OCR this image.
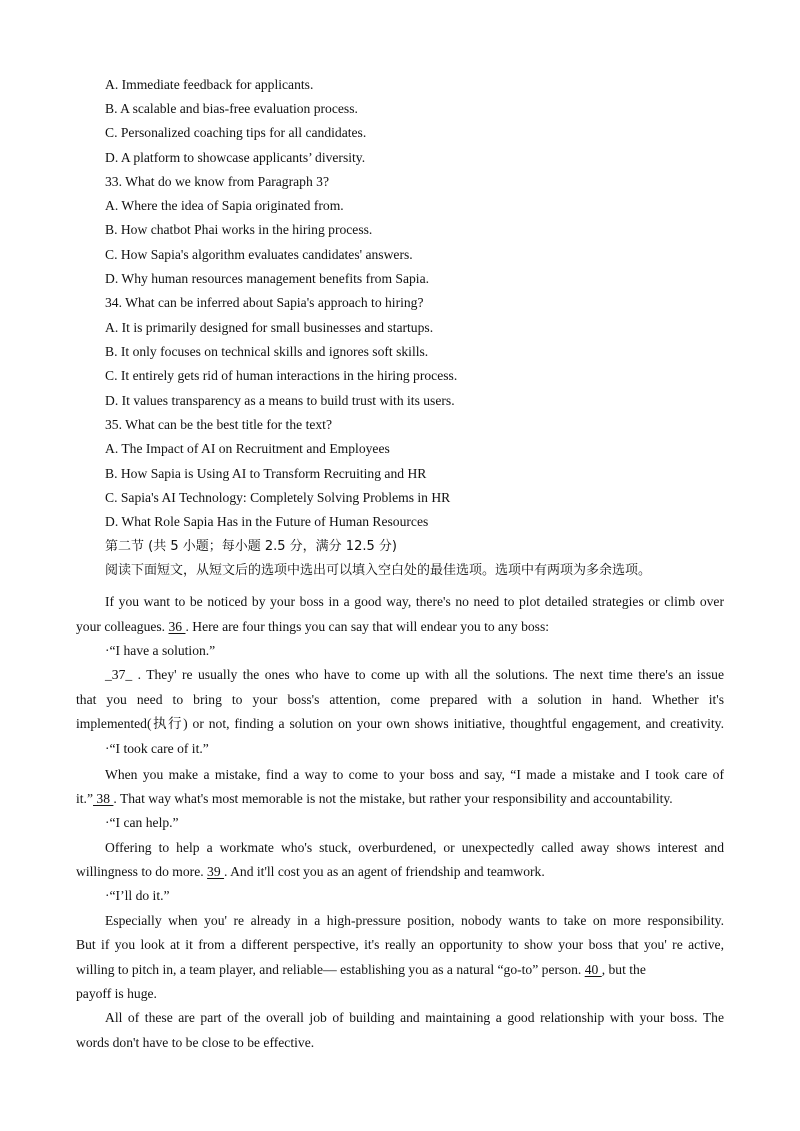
A. Immediate feedback for applicants.
B. A scalable and bias-free evaluation process.
C. Personalized coaching tips for all candidates.
D. A platform to showcase applicants’ diversity.
33. What do we know from Paragraph 3?
A. Where the idea of Sapia originated from.
B. How chatbot Phai works in the hiring process.
C. How Sapia's algorithm evaluates candidates' answers.
D. Why human resources management benefits from Sapia.
34. What can be inferred about Sapia's approach to hiring?
A. It is primarily designed for small businesses and startups.
B. It only focuses on technical skills and ignores soft skills.
C. It entirely gets rid of human interactions in the hiring process.
D. It values transparency as a means to build trust with its users.
35. What can be the best title for the text?
A. The Impact of AI on Recruitment and Employees
B. How Sapia is Using AI to Transform Recruiting and HR
C. Sapia's AI Technology: Completely Solving Problems in HR
D. What Role Sapia Has in the Future of Human Resources
第二节 (共 5 小题；每小题 2.5 分，满分 12.5 分)
阅读下面短文，从短文后的选项中选出可以填入空白处的最佳选项。选项中有两项为多余选项。
If you want to be noticed by your boss in a good way, there's no need to plot detailed strategies or climb over
your colleagues. 36 . Here are four things you can say that will endear you to any boss:
·“I have a solution.”
_37_ . They' re usually the ones who have to come up with all the solutions. The next time there's an issue
that you need to bring to your boss's attention, come prepared with a solution in hand. Whether it's
implemented(执行) or not, finding a solution on your own shows initiative, thoughtful engagement, and creativity.
·“I took care of it.”
When you make a mistake, find a way to come to your boss and say, “I made a mistake and I took care of
it.” 38 . That way what's most memorable is not the mistake, but rather your responsibility and accountability.
·“I can help.”
Offering to help a workmate who's stuck, overburdened, or unexpectedly called away shows interest and
willingness to do more. 39 . And it'll cost you as an agent of friendship and teamwork.
·“I’ll do it.”
Especially when you' re already in a high-pressure position, nobody wants to take on more responsibility.
But if you look at it from a different perspective, it's really an opportunity to show your boss that you' re active,
willing to pitch in, a team player, and reliable— establishing you as a natural “go-to” person. 40 , but the
payoff is huge.
All of these are part of the overall job of building and maintaining a good relationship with your boss. The
words don't have to be close to be effective.
